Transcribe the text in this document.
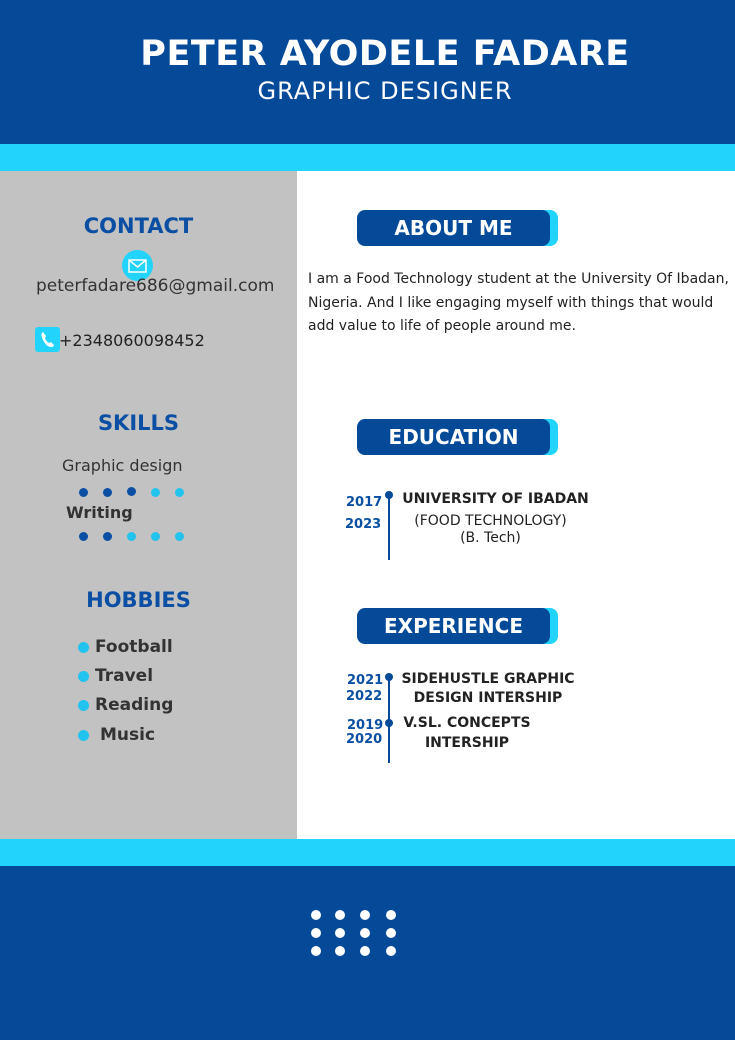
PETER AYODELE FADARE
GRAPHIC DESIGNER
CONTACT
peterfadare686@gmail.com
+2348060098452
SKILLS
Graphic design
Writing
HOBBIES
Football
Travel
Reading
Music
ABOUT ME
I am a Food Technology student at the University Of Ibadan, Nigeria. And I like engaging myself with things that would add value to life of people around me.
EDUCATION
2017
2023
UNIVERSITY OF IBADAN
(FOOD TECHNOLOGY)
(B. Tech)
EXPERIENCE
2021
2022
SIDEHUSTLE GRAPHIC
DESIGN INTERSHIP
2019
2020
V.SL. CONCEPTS
INTERSHIP
